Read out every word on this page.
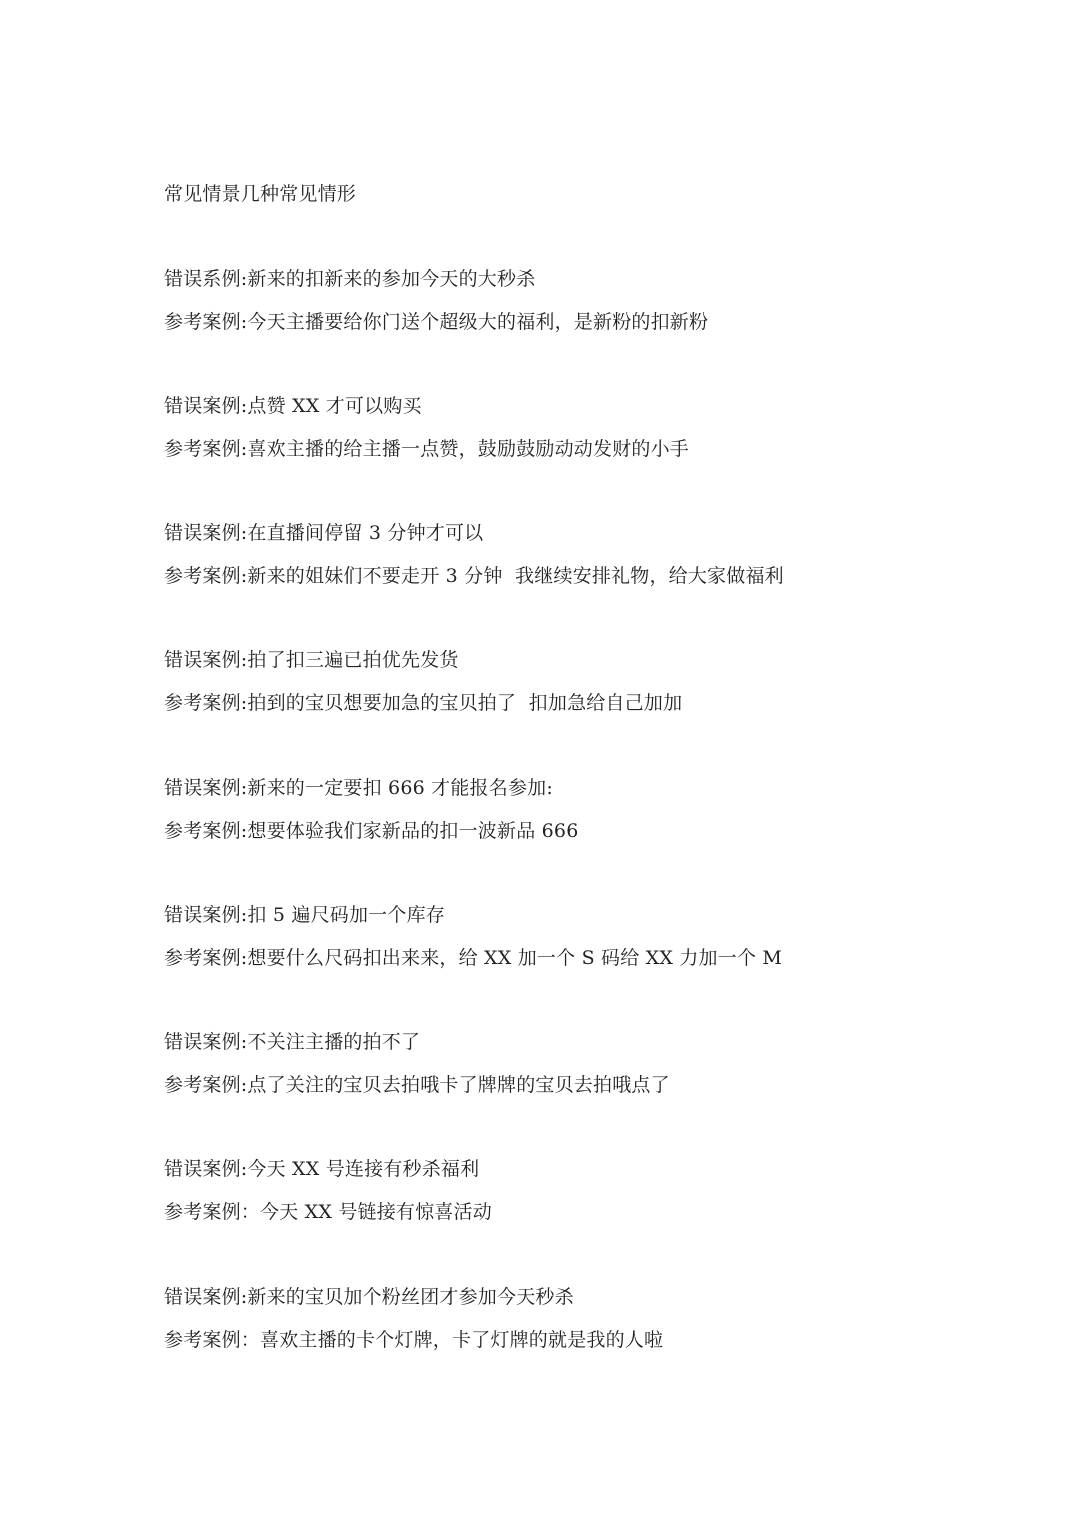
常见情景几种常见情形
错误系例:新来的扣新来的参加今天的大秒杀
参考案例:今天主播要给你门送个超级大的福利，是新粉的扣新粉
错误案例:点赞 XX 才可以购买
参考案例:喜欢主播的给主播一点赞，鼓励鼓励动动发财的小手
错误案例:在直播间停留 3 分钟才可以
参考案例:新来的姐妹们不要走开 3 分钟  我继续安排礼物，给大家做福利
错误案例:拍了扣三遍已拍优先发货
参考案例:拍到的宝贝想要加急的宝贝拍了  扣加急给自己加加
错误案例:新来的一定要扣 666 才能报名参加:
参考案例:想要体验我们家新品的扣一波新品 666
错误案例:扣 5 遍尺码加一个库存
参考案例:想要什么尺码扣出来来，给 XX 加一个 S 码给 XX 力加一个 M
错误案例:不关注主播的拍不了
参考案例:点了关注的宝贝去拍哦卡了牌牌的宝贝去拍哦点了
错误案例:今天 XX 号连接有秒杀福利
参考案例：今天 XX 号链接有惊喜活动
错误案例:新来的宝贝加个粉丝团才参加今天秒杀
参考案例：喜欢主播的卡个灯牌，卡了灯牌的就是我的人啦
